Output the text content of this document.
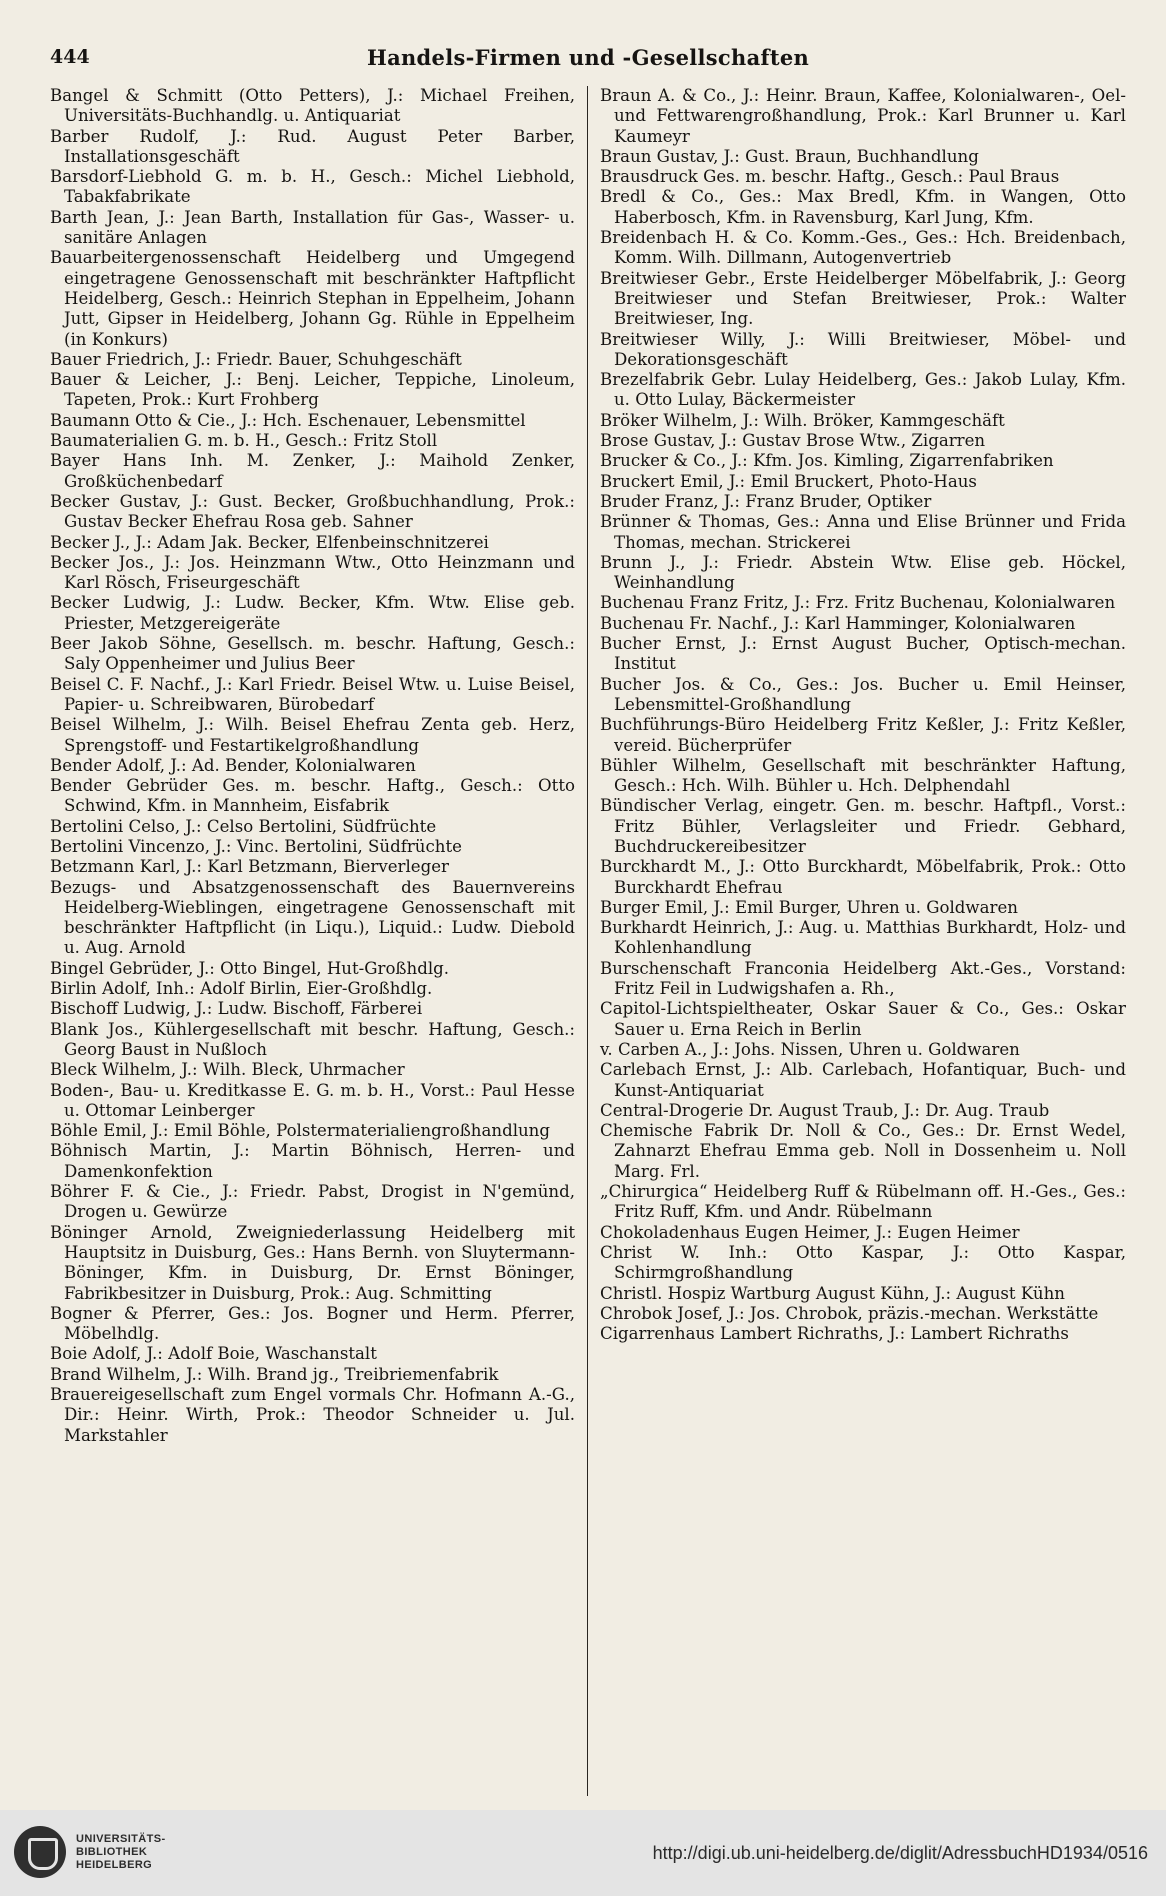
444	Handels-Firmen und -Gesellschaften

Bangel & Schmitt (Otto Petters), J.: Michael Freihen, Universitäts-Buchhandlg. u. Antiquariat

Barber Rudolf, J.: Rud. August Peter Barber, Installationsgeschäft

Barsdorf-Liebhold G. m. b. H., Gesch.: Michel Liebhold, Tabakfabrikate

Barth Jean, J.: Jean Barth, Installation für Gas-, Wasser- u. sanitäre Anlagen

Bauarbeitergenossenschaft Heidelberg und Umgegend eingetragene Genossenschaft mit beschränkter Haftpflicht Heidelberg, Gesch.: Heinrich Stephan in Eppelheim, Johann Jutt, Gipser in Heidelberg, Johann Gg. Rühle in Eppelheim (in Konkurs)

Bauer Friedrich, J.: Friedr. Bauer, Schuhgeschäft

Bauer & Leicher, J.: Benj. Leicher, Teppiche, Linoleum, Tapeten, Prok.: Kurt Frohberg

Baumann Otto & Cie., J.: Hch. Eschenauer, Lebensmittel

Baumaterialien G. m. b. H., Gesch.: Fritz Stoll

Bayer Hans Inh. M. Zenker, J.: Maihold Zenker, Großküchenbedarf

Becker Gustav, J.: Gust. Becker, Großbuchhandlung, Prok.: Gustav Becker Ehefrau Rosa geb. Sahner

Becker J., J.: Adam Jak. Becker, Elfenbeinschnitzerei

Becker Jos., J.: Jos. Heinzmann Wtw., Otto Heinzmann und Karl Rösch, Friseurgeschäft

Becker Ludwig, J.: Ludw. Becker, Kfm. Wtw. Elise geb. Priester, Metzgereigeräte

Beer Jakob Söhne, Gesellsch. m. beschr. Haftung, Gesch.: Saly Oppenheimer und Julius Beer

Beisel C. F. Nachf., J.: Karl Friedr. Beisel Wtw. u. Luise Beisel, Papier- u. Schreibwaren, Bürobedarf

Beisel Wilhelm, J.: Wilh. Beisel Ehefrau Zenta geb. Herz, Sprengstoff- und Festartikelgroßhandlung

Bender Adolf, J.: Ad. Bender, Kolonialwaren

Bender Gebrüder Ges. m. beschr. Haftg., Gesch.: Otto Schwind, Kfm. in Mannheim, Eisfabrik

Bertolini Celso, J.: Celso Bertolini, Südfrüchte

Bertolini Vincenzo, J.: Vinc. Bertolini, Südfrüchte

Betzmann Karl, J.: Karl Betzmann, Bierverleger

Bezugs- und Absatzgenossenschaft des Bauernvereins Heidelberg-Wieblingen, eingetragene Genossenschaft mit beschränkter Haftpflicht (in Liqu.), Liquid.: Ludw. Diebold u. Aug. Arnold

Bingel Gebrüder, J.: Otto Bingel, Hut-Großhdlg.

Birlin Adolf, Inh.: Adolf Birlin, Eier-Großhdlg.

Bischoff Ludwig, J.: Ludw. Bischoff, Färberei

Blank Jos., Kühlergesellschaft mit beschr. Haftung, Gesch.: Georg Baust in Nußloch

Bleck Wilhelm, J.: Wilh. Bleck, Uhrmacher

Boden-, Bau- u. Kreditkasse E. G. m. b. H., Vorst.: Paul Hesse u. Ottomar Leinberger

Böhle Emil, J.: Emil Böhle, Polstermaterialiengroßhandlung

Böhnisch Martin, J.: Martin Böhnisch, Herren- und Damenkonfektion

Böhrer F. & Cie., J.: Friedr. Pabst, Drogist in N'gemünd, Drogen u. Gewürze

Böninger Arnold, Zweigniederlassung Heidelberg mit Hauptsitz in Duisburg, Ges.: Hans Bernh. von Sluytermann-Böninger, Kfm. in Duisburg, Dr. Ernst Böninger, Fabrikbesitzer in Duisburg, Prok.: Aug. Schmitting

Bogner & Pferrer, Ges.: Jos. Bogner und Herm. Pferrer, Möbelhdlg.

Boie Adolf, J.: Adolf Boie, Waschanstalt

Brand Wilhelm, J.: Wilh. Brand jg., Treibriemenfabrik

Brauereigesellschaft zum Engel vormals Chr. Hofmann A.-G., Dir.: Heinr. Wirth, Prok.: Theodor Schneider u. Jul. Markstahler

Braun A. & Co., J.: Heinr. Braun, Kaffee, Kolonialwaren-, Oel- und Fettwarengroßhandlung, Prok.: Karl Brunner u. Karl Kaumeyr

Braun Gustav, J.: Gust. Braun, Buchhandlung

Brausdruck Ges. m. beschr. Haftg., Gesch.: Paul Braus

Bredl & Co., Ges.: Max Bredl, Kfm. in Wangen, Otto Haberbosch, Kfm. in Ravensburg, Karl Jung, Kfm.

Breidenbach H. & Co. Komm.-Ges., Ges.: Hch. Breidenbach, Komm. Wilh. Dillmann, Autogenvertrieb

Breitwieser Gebr., Erste Heidelberger Möbelfabrik, J.: Georg Breitwieser und Stefan Breitwieser, Prok.: Walter Breitwieser, Ing.

Breitwieser Willy, J.: Willi Breitwieser, Möbel- und Dekorationsgeschäft

Brezelfabrik Gebr. Lulay Heidelberg, Ges.: Jakob Lulay, Kfm. u. Otto Lulay, Bäckermeister

Bröker Wilhelm, J.: Wilh. Bröker, Kammgeschäft

Brose Gustav, J.: Gustav Brose Wtw., Zigarren

Brucker & Co., J.: Kfm. Jos. Kimling, Zigarrenfabriken

Bruckert Emil, J.: Emil Bruckert, Photo-Haus

Bruder Franz, J.: Franz Bruder, Optiker

Brünner & Thomas, Ges.: Anna und Elise Brünner und Frida Thomas, mechan. Strickerei

Brunn J., J.: Friedr. Abstein Wtw. Elise geb. Höckel, Weinhandlung

Buchenau Franz Fritz, J.: Frz. Fritz Buchenau, Kolonialwaren

Buchenau Fr. Nachf., J.: Karl Hamminger, Kolonialwaren

Bucher Ernst, J.: Ernst August Bucher, Optisch-mechan. Institut

Bucher Jos. & Co., Ges.: Jos. Bucher u. Emil Heinser, Lebensmittel-Großhandlung

Buchführungs-Büro Heidelberg Fritz Keßler, J.: Fritz Keßler, vereid. Bücherprüfer

Bühler Wilhelm, Gesellschaft mit beschränkter Haftung, Gesch.: Hch. Wilh. Bühler u. Hch. Delphendahl

Bündischer Verlag, eingetr. Gen. m. beschr. Haftpfl., Vorst.: Fritz Bühler, Verlagsleiter und Friedr. Gebhard, Buchdruckereibesitzer

Burckhardt M., J.: Otto Burckhardt, Möbelfabrik, Prok.: Otto Burckhardt Ehefrau

Burger Emil, J.: Emil Burger, Uhren u. Goldwaren

Burkhardt Heinrich, J.: Aug. u. Matthias Burkhardt, Holz- und Kohlenhandlung

Burschenschaft Franconia Heidelberg Akt.-Ges., Vorstand: Fritz Feil in Ludwigshafen a. Rh.,

Capitol-Lichtspieltheater, Oskar Sauer & Co., Ges.: Oskar Sauer u. Erna Reich in Berlin

v. Carben A., J.: Johs. Nissen, Uhren u. Goldwaren

Carlebach Ernst, J.: Alb. Carlebach, Hofantiquar, Buch- und Kunst-Antiquariat

Central-Drogerie Dr. August Traub, J.: Dr. Aug. Traub

Chemische Fabrik Dr. Noll & Co., Ges.: Dr. Ernst Wedel, Zahnarzt Ehefrau Emma geb. Noll in Dossenheim u. Noll Marg. Frl.

„Chirurgica“ Heidelberg Ruff & Rübelmann off. H.-Ges., Ges.: Fritz Ruff, Kfm. und Andr. Rübelmann

Chokoladenhaus Eugen Heimer, J.: Eugen Heimer

Christ W. Inh.: Otto Kaspar, J.: Otto Kaspar, Schirmgroßhandlung

Christl. Hospiz Wartburg August Kühn, J.: August Kühn

Chrobok Josef, J.: Jos. Chrobok, präzis.-mechan. Werkstätte

Cigarrenhaus Lambert Richraths, J.: Lambert Richraths

UNIVERSITÄTS-
BIBLIOTHEK
HEIDELBERG
http://digi.ub.uni-heidelberg.de/diglit/AdressbuchHD1934/0516
